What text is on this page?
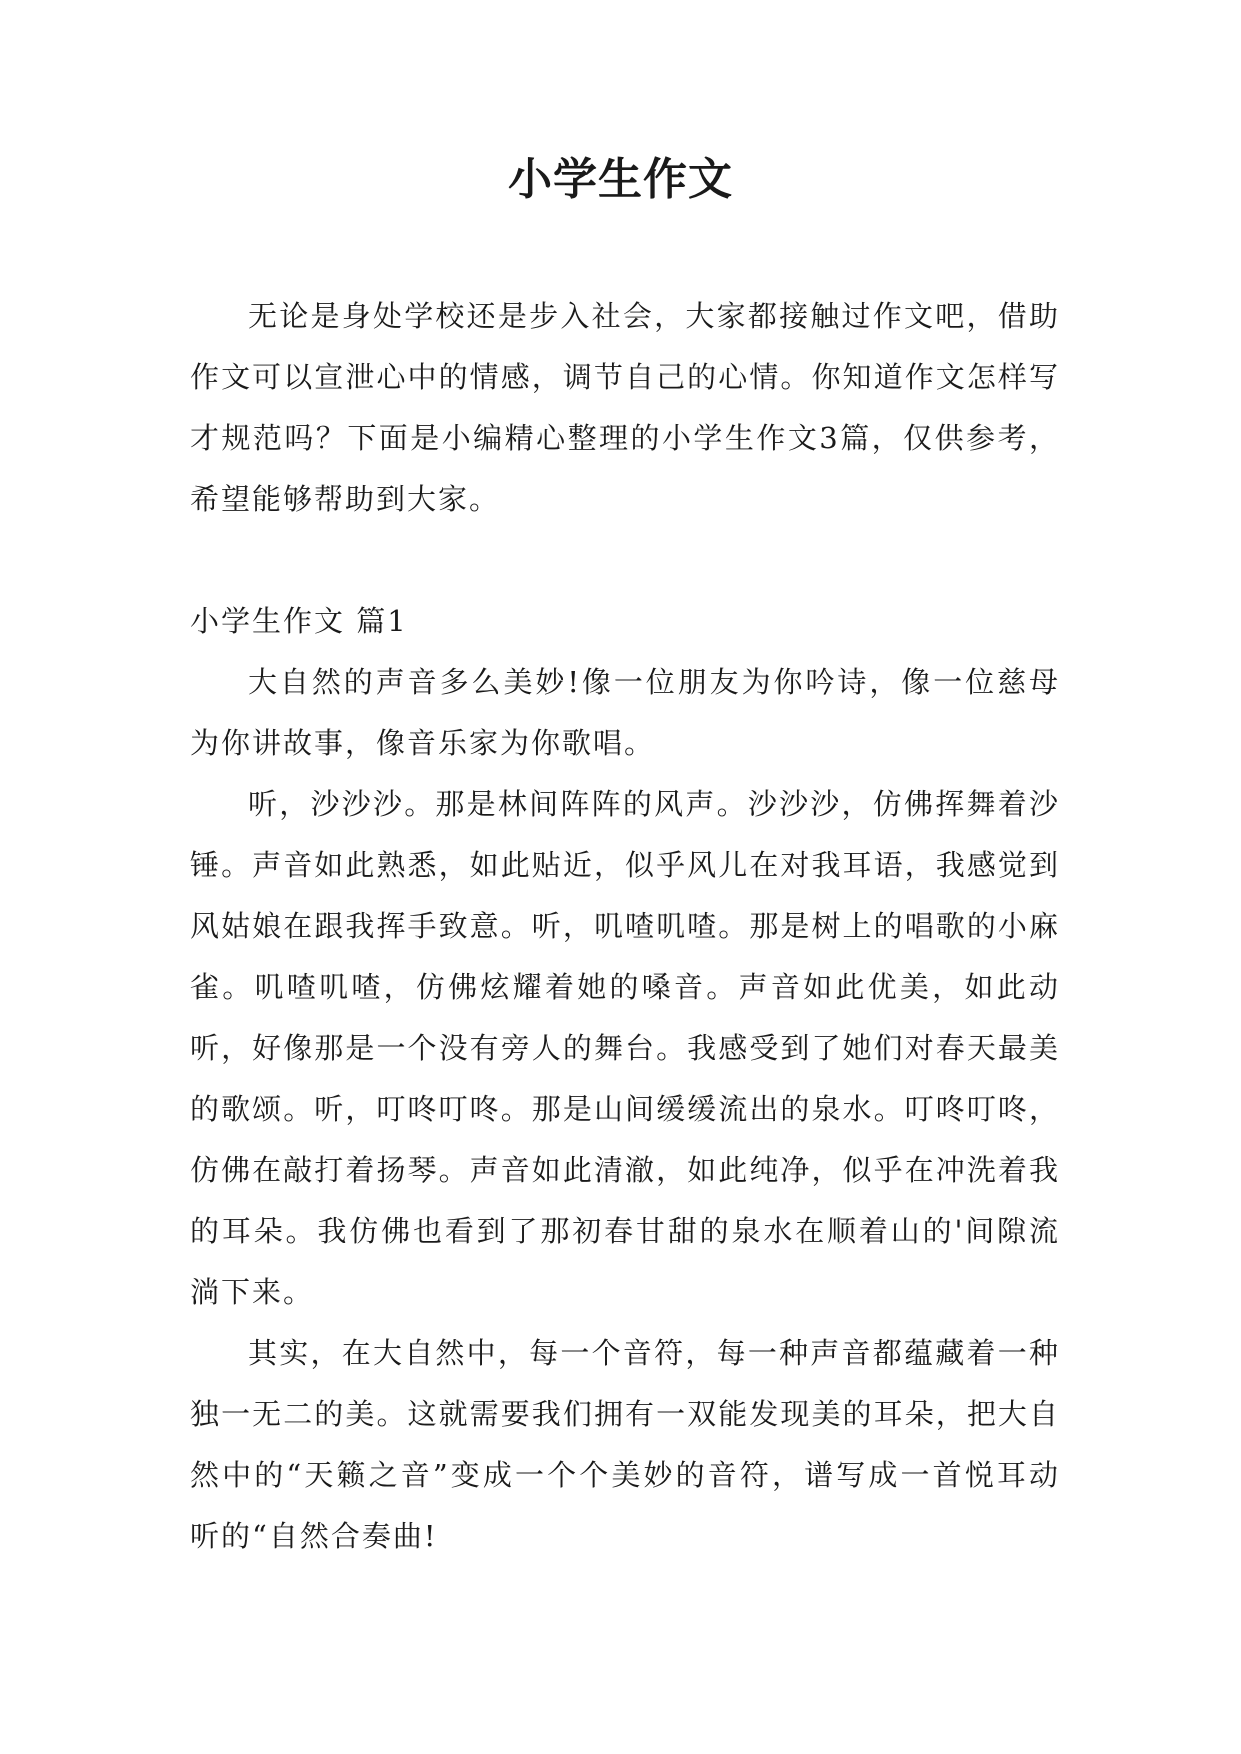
小学生作文

无论是身处学校还是步入社会，大家都接触过作文吧，借助作文可以宣泄心中的情感，调节自己的心情。你知道作文怎样写才规范吗？下面是小编精心整理的小学生作文3篇，仅供参考，希望能够帮助到大家。

小学生作文 篇1

大自然的声音多么美妙!像一位朋友为你吟诗，像一位慈母为你讲故事，像音乐家为你歌唱。

听，沙沙沙。那是林间阵阵的风声。沙沙沙，仿佛挥舞着沙锤。声音如此熟悉，如此贴近，似乎风儿在对我耳语，我感觉到风姑娘在跟我挥手致意。听，叽喳叽喳。那是树上的唱歌的小麻雀。叽喳叽喳，仿佛炫耀着她的嗓音。声音如此优美，如此动听，好像那是一个没有旁人的舞台。我感受到了她们对春天最美的歌颂。听，叮咚叮咚。那是山间缓缓流出的泉水。叮咚叮咚，仿佛在敲打着扬琴。声音如此清澈，如此纯净，似乎在冲洗着我的耳朵。我仿佛也看到了那初春甘甜的泉水在顺着山的'间隙流淌下来。

其实，在大自然中，每一个音符，每一种声音都蕴藏着一种独一无二的美。这就需要我们拥有一双能发现美的耳朵，把大自然中的“天籁之音”变成一个个美妙的音符，谱写成一首悦耳动听的“自然合奏曲!
